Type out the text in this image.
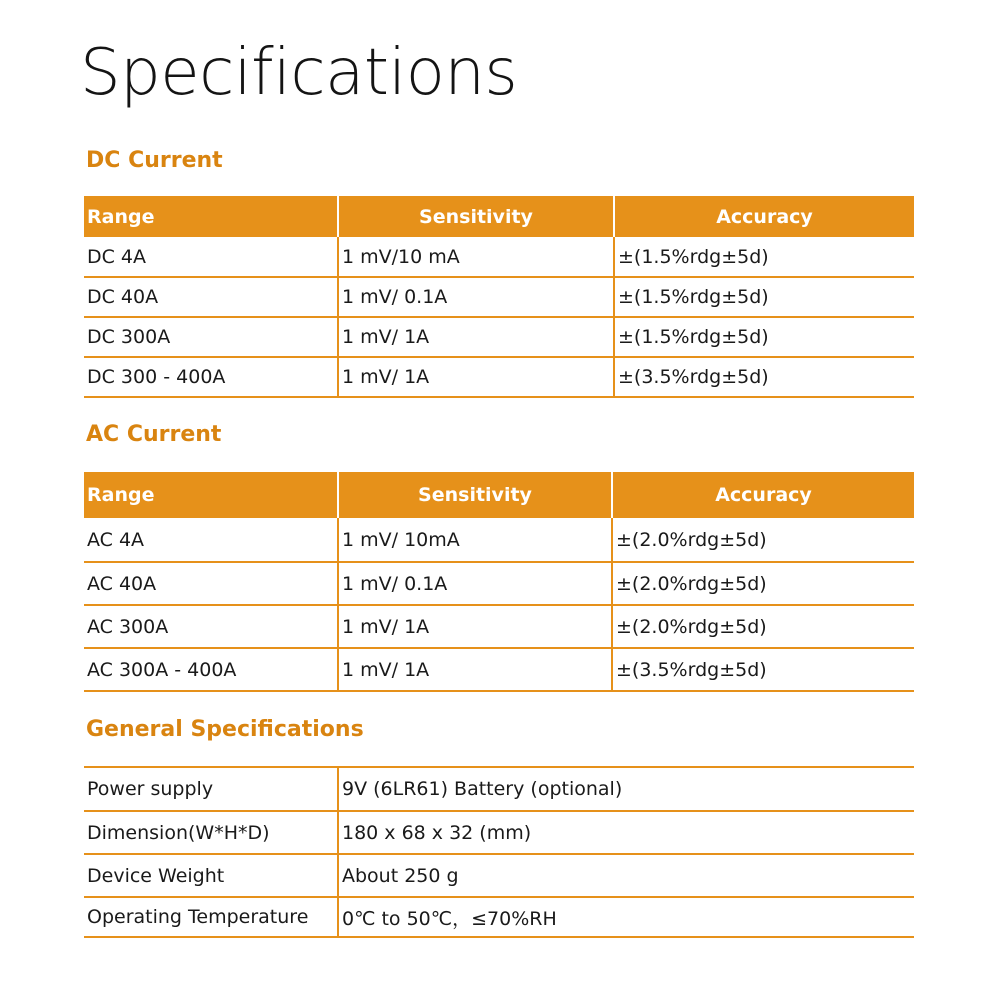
Specifications
DC Current
Range	Sensitivity	Accuracy
DC 4A	1 mV/10 mA	±(1.5%rdg±5d)
DC 40A	1 mV/ 0.1A	±(1.5%rdg±5d)
DC 300A	1 mV/ 1A	±(1.5%rdg±5d)
DC 300 - 400A	1 mV/ 1A	±(3.5%rdg±5d)
AC Current
Range	Sensitivity	Accuracy
AC 4A	1 mV/ 10mA	±(2.0%rdg±5d)
AC 40A	1 mV/ 0.1A	±(2.0%rdg±5d)
AC 300A	1 mV/ 1A	±(2.0%rdg±5d)
AC 300A - 400A	1 mV/ 1A	±(3.5%rdg±5d)
General Specifications
Power supply	9V (6LR61) Battery (optional)
Dimension(W*H*D)	180 x 68 x 32 (mm)
Device Weight	About 250 g
Operating Temperature	0℃ to 50℃，≤70%RH
